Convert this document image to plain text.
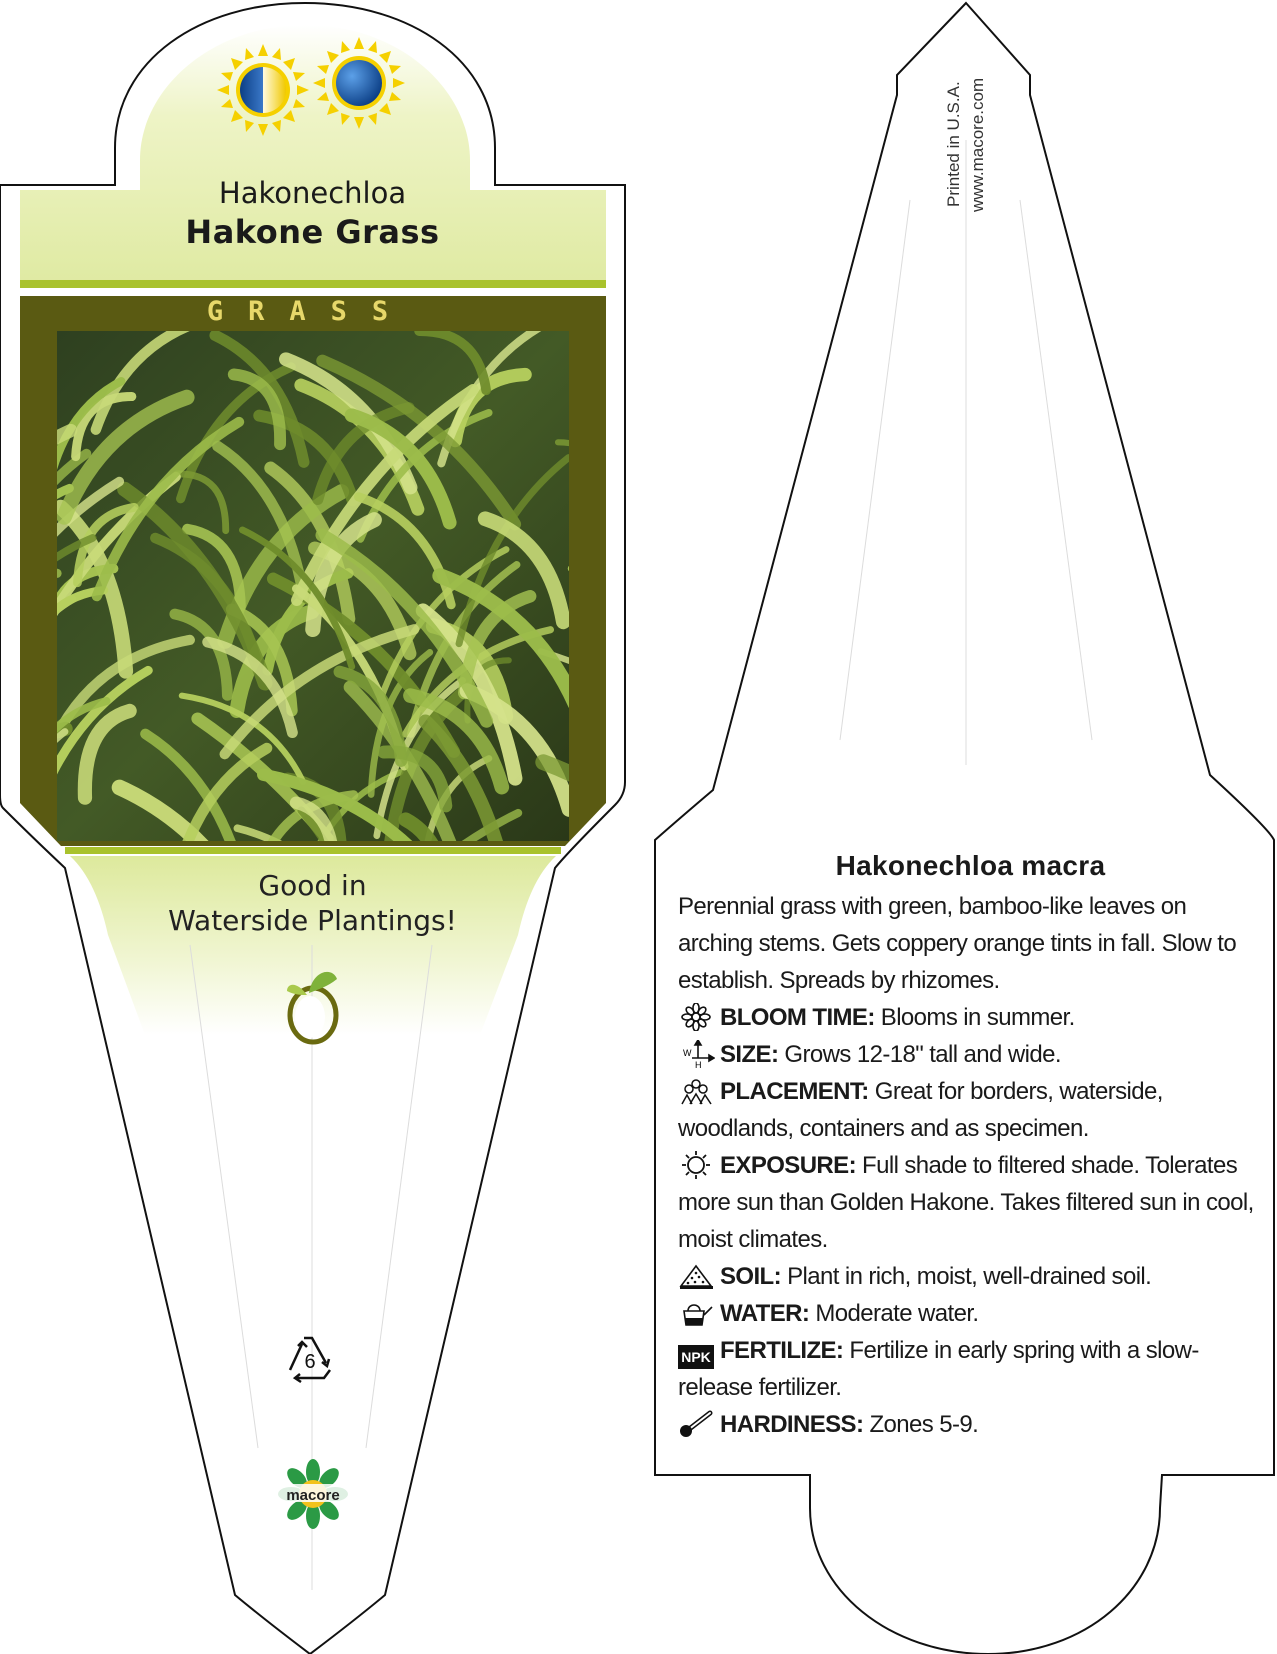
Hakonechloa
Hakone Grass
GRASS
Good in
Waterside Plantings!
6
macore
Printed in U.S.A. www.macore.com
Hakonechloa macra

Perennial grass with green, bamboo-like leaves on arching stems. Gets coppery orange tints in fall. Slow to establish. Spreads by rhizomes.

BLOOM TIME: Blooms in summer.

W
H SIZE: Grows 12-18" tall and wide.

PLACEMENT: Great for borders, waterside, woodlands, containers and as specimen.

EXPOSURE: Full shade to filtered shade. Tolerates more sun than Golden Hakone. Takes filtered sun in cool, moist climates.

SOIL: Plant in rich, moist, well-drained soil.

WATER: Moderate water.

NPK FERTILIZE: Fertilize in early spring with a slow-release fertilizer.

HARDINESS: Zones 5-9.
